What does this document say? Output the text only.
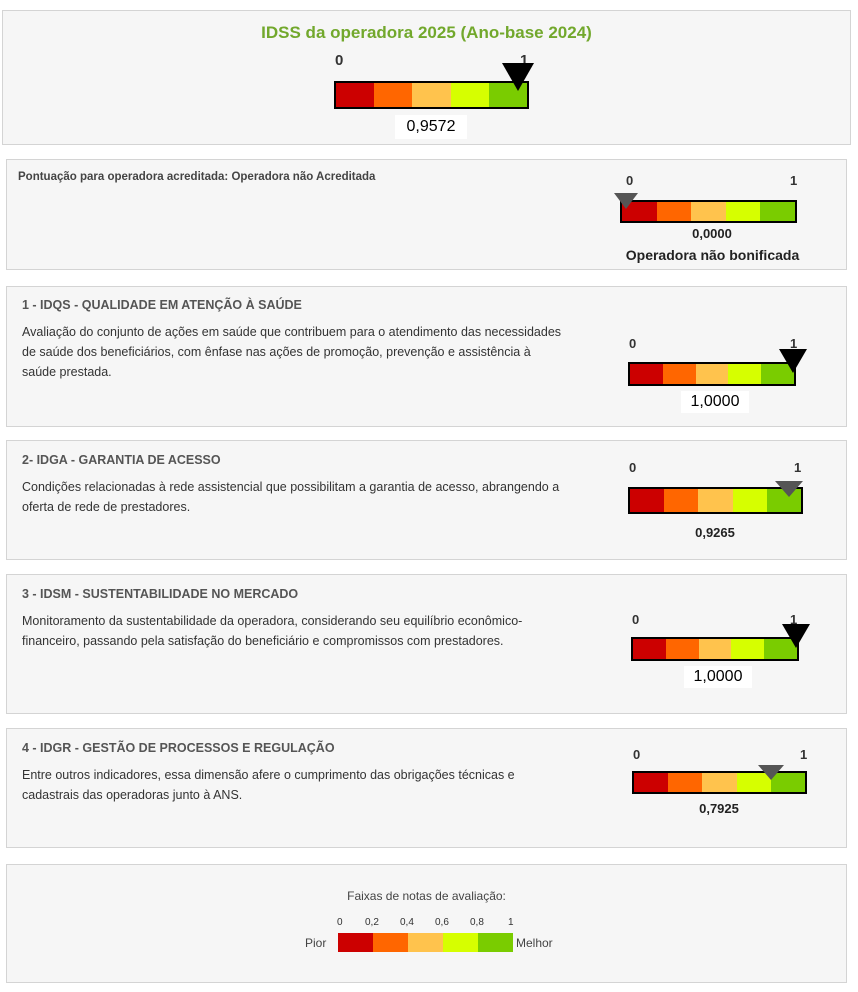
IDSS da operadora 2025 (Ano-base 2024)
0	1
0,9572
Pontuação para operadora acreditada: Operadora não Acreditada	0	1
0,0000
Operadora não bonificada
1 - IDQS - QUALIDADE EM ATENÇÃO À SAÚDE
Avaliação do conjunto de ações em saúde que contribuem para o atendimento das necessidades de saúde dos beneficiários, com ênfase nas ações de promoção, prevenção e assistência à saúde prestada.
0	1
1,0000
2- IDGA - GARANTIA DE ACESSO
Condições relacionadas à rede assistencial que possibilitam a garantia de acesso, abrangendo a oferta de rede de prestadores.
0	1
0,9265
3 - IDSM - SUSTENTABILIDADE NO MERCADO
Monitoramento da sustentabilidade da operadora, considerando seu equilíbrio econômico-financeiro, passando pela satisfação do beneficiário e compromissos com prestadores.
0	1
1,0000
4 - IDGR - GESTÃO DE PROCESSOS E REGULAÇÃO
Entre outros indicadores, essa dimensão afere o cumprimento das obrigações técnicas e cadastrais das operadoras junto à ANS.
0	1
0,7925
Faixas de notas de avaliação:
0 0,2 0,4 0,6 0,8 1
Pior	Melhor
